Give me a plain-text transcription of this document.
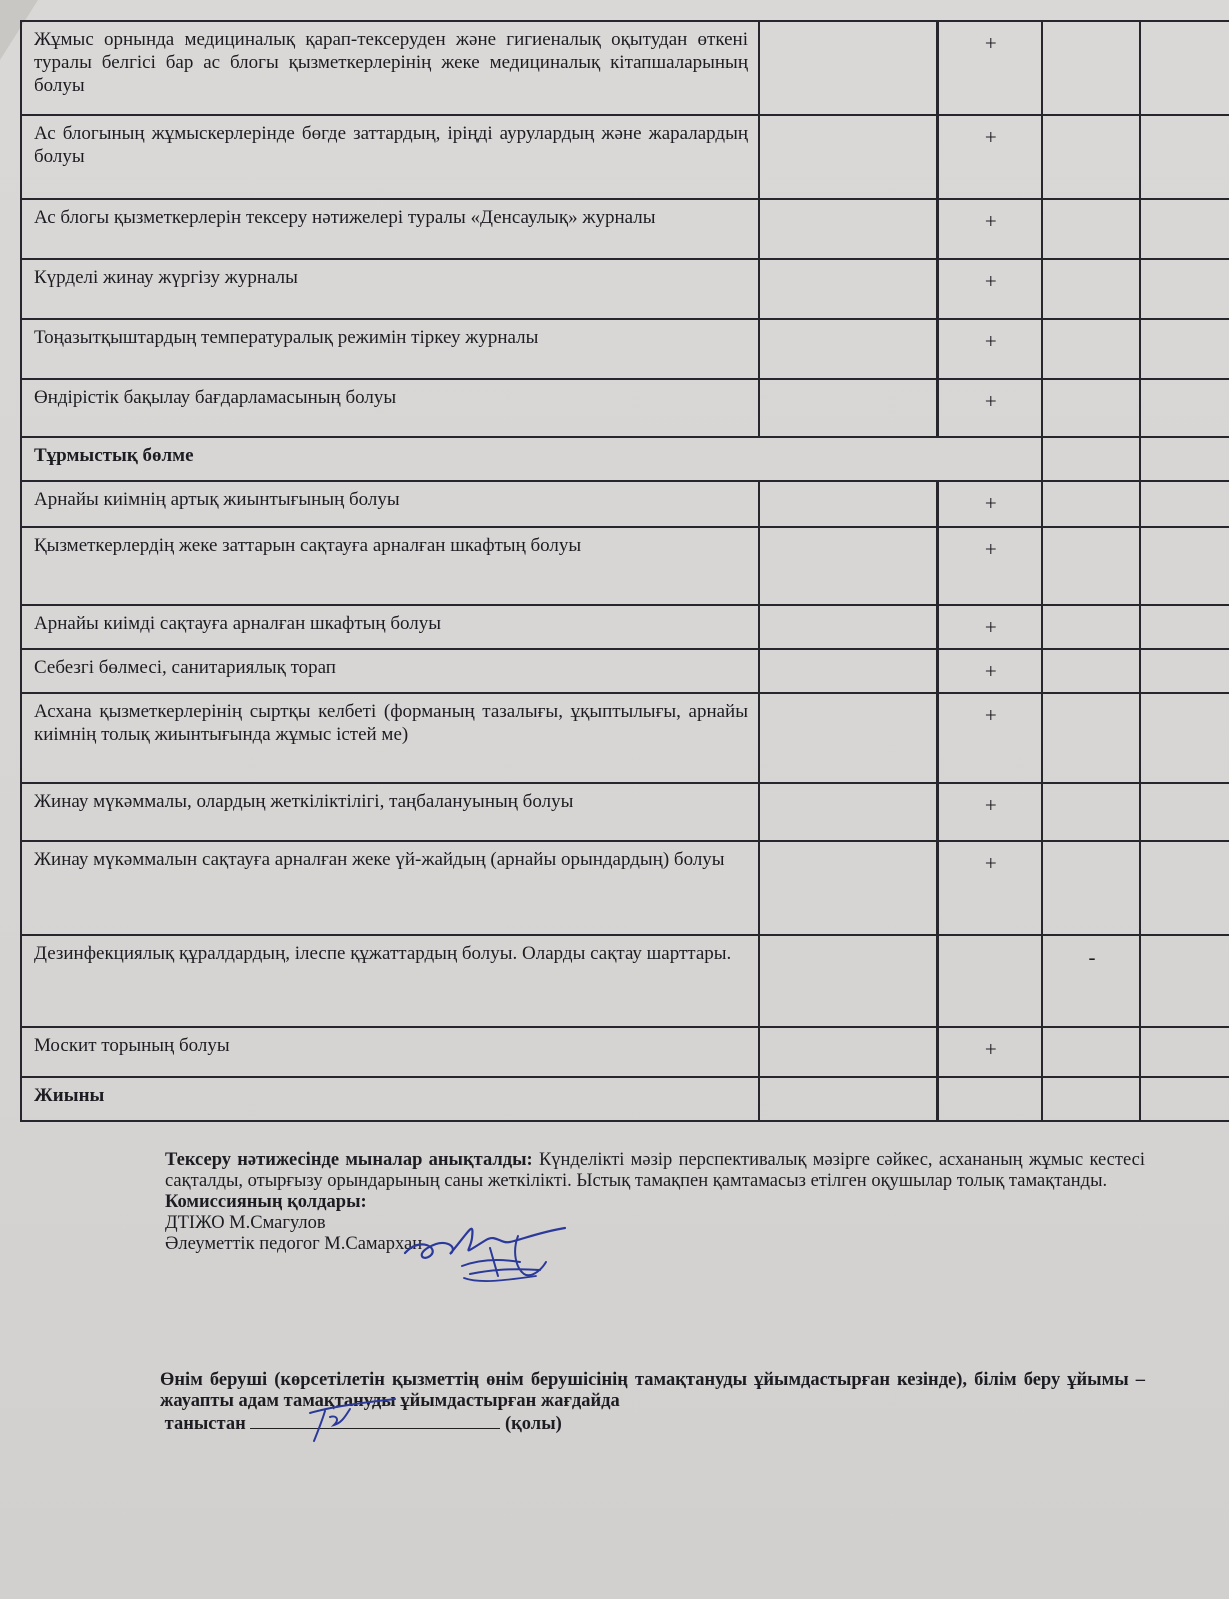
Жұмыс орнында медициналық қарап-тексеруден және гигиеналық оқытудан өткені туралы белгісі бар ас блогы қызметкерлерінің жеке медициналық кітапшаларының болуы		+		
Ас блогының жұмыскерлерінде бөгде заттардың, іріңді аурулардың және жаралардың болуы		+		
Ас блогы қызметкерлерін тексеру нәтижелері туралы «Денсаулық» журналы		+		
Күрделі жинау жүргізу журналы		+		
Тоңазытқыштардың температуралық режимін тіркеу журналы		+		
Өндірістік бақылау бағдарламасының болуы		+		
Тұрмыстық бөлме				
Арнайы киімнің артық жиынтығының болуы		+		
Қызметкерлердің жеке заттарын сақтауға арналған шкафтың болуы		+		
Арнайы киімді сақтауға арналған шкафтың болуы		+		
Себезгі бөлмесі, санитариялық торап		+		
Асхана қызметкерлерінің сыртқы келбеті (форманың тазалығы, ұқыптылығы, арнайы киімнің толық жиынтығында жұмыс істей ме)		+		
Жинау мүкәммалы, олардың жеткіліктілігі, таңбалануының болуы		+		
Жинау мүкәммалын сақтауға арналған жеке үй-жайдың (арнайы орындардың) болуы		+		
Дезинфекциялық құралдардың, ілеспе құжаттардың болуы. Оларды сақтау шарттары.			-	
Москит торының болуы		+		
Жиыны				

Тексеру нәтижесінде мыналар анықталды: Күнделікті мәзір перспективалық мәзірге сәйкес, асхананың жұмыс кестесі сақталды, отырғызу орындарының саны жеткілікті. Ыстық тамақпен қамтамасыз етілген оқушылар толық тамақтанды.

Комиссияның қолдары:

ДТІЖО М.Смагулов

Әлеуметтік педогог М.Самархан

Өнім беруші (көрсетілетін қызметтің өнім берушісінің тамақтануды ұйымдастырған кезінде), білім беру ұйымы – жауапты адам тамақтануды ұйымдастырған жағдайда

таныстан	(қолы)
